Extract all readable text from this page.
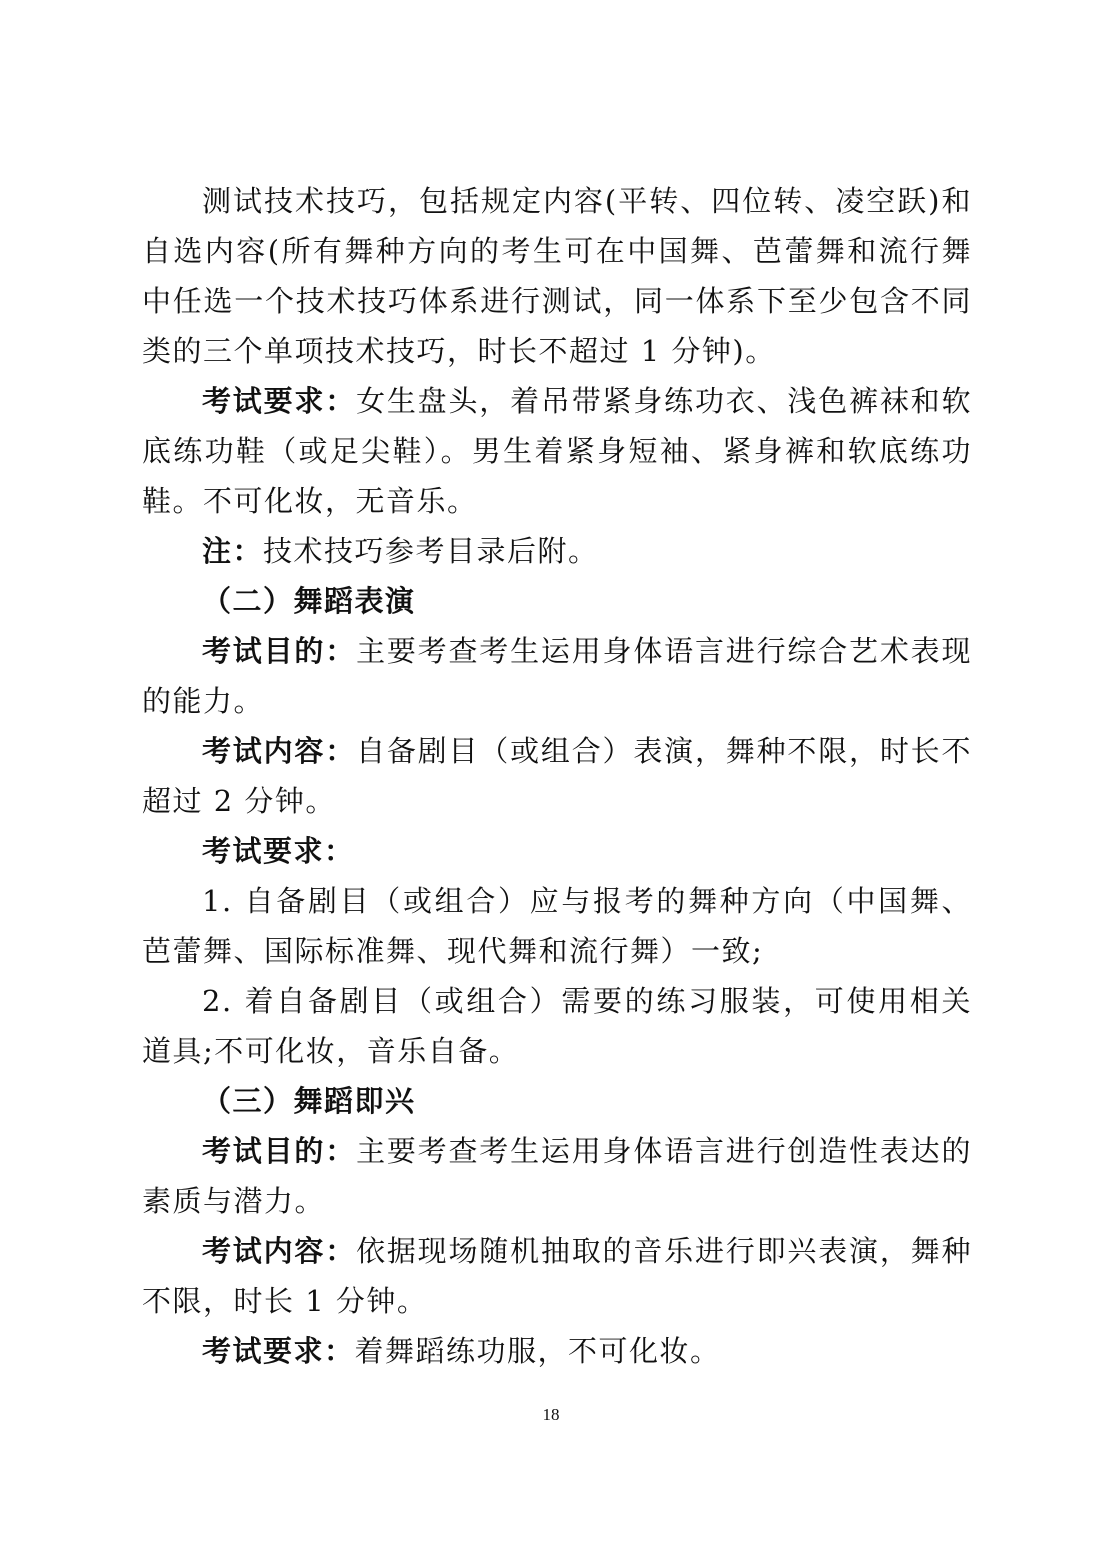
测试技术技巧，包括规定内容(平转、四位转、凌空跃)和自选内容(所有舞种方向的考生可在中国舞、芭蕾舞和流行舞中任选一个技术技巧体系进行测试，同一体系下至少包含不同类的三个单项技术技巧，时长不超过 1 分钟)。

考试要求：女生盘头，着吊带紧身练功衣、浅色裤袜和软底练功鞋（或足尖鞋）。男生着紧身短袖、紧身裤和软底练功鞋。不可化妆，无音乐。

注：技术技巧参考目录后附。

（二）舞蹈表演

考试目的：主要考查考生运用身体语言进行综合艺术表现的能力。

考试内容：自备剧目（或组合）表演，舞种不限，时长不超过 2 分钟。

考试要求：

1. 自备剧目（或组合）应与报考的舞种方向（中国舞、芭蕾舞、国际标准舞、现代舞和流行舞）一致;

2. 着自备剧目（或组合）需要的练习服装，可使用相关道具;不可化妆，音乐自备。

（三）舞蹈即兴

考试目的：主要考查考生运用身体语言进行创造性表达的素质与潜力。

考试内容：依据现场随机抽取的音乐进行即兴表演，舞种不限，时长 1 分钟。

考试要求：着舞蹈练功服，不可化妆。

18
